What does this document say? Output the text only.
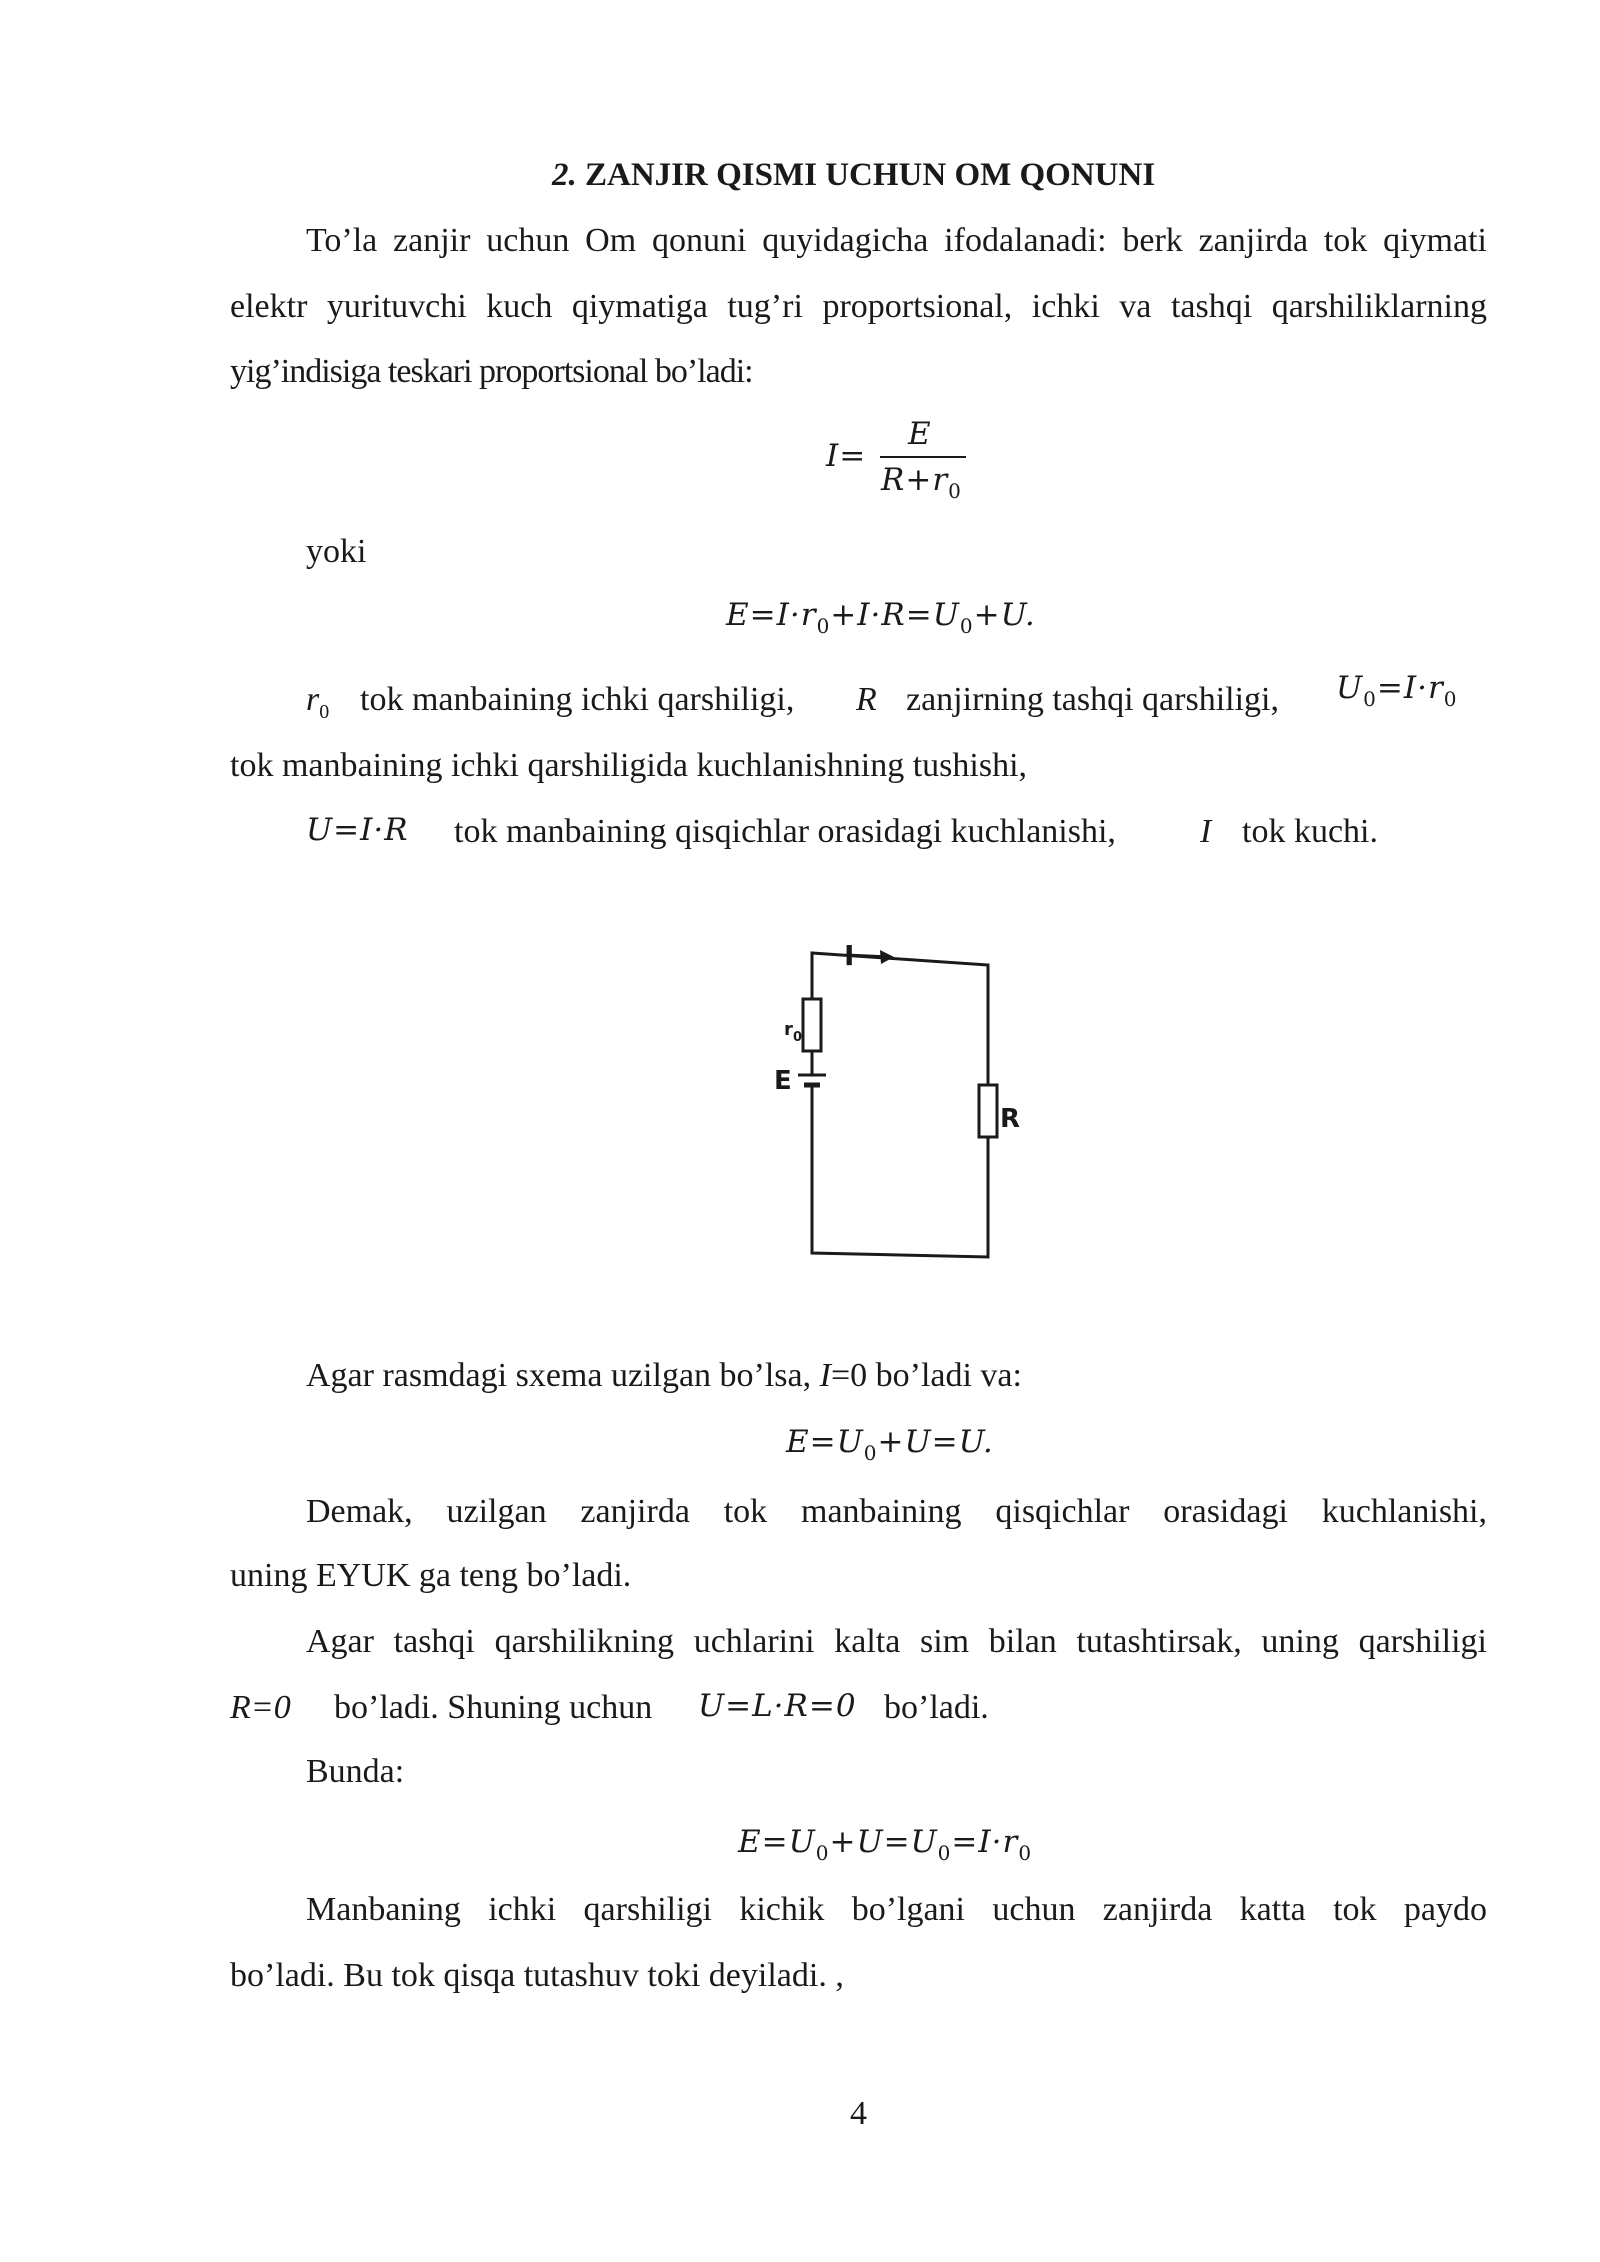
2. ZANJIR QISMI UCHUN OM QONUNI
To’la zanjir uchun Om qonuni quyidagicha ifodalanadi: berk zanjirda tok qiymati
elektr yurituvchi kuch qiymatiga tug’ri proportsional, ichki va tashqi qarshiliklarning
yig’indisiga teskari proportsional bo’ladi:
I=
E
$R+r_0$
yoki
$E=I\cdot r_0+I\cdot R=U_0+U$.
$r_0$ tok manbaining ichki qarshiligi, R zanjirning tashqi qarshiligi, $U_0=I\cdot r_0$
tok manbaining ichki qarshiligida kuchlanishning tushishi,
U=I·R tok manbaining qisqichlar orasidagi kuchlanishi, I tok kuchi.
I
r 0
E
R
Agar rasmdagi sxema uzilgan bo’lsa, I=0 bo’ladi va:
$E=U_0+U=U$.
Demak, uzilgan zanjirda tok manbaining qisqichlar orasidagi kuchlanishi,
uning EYUK ga teng bo’ladi.
Agar tashqi qarshilikning uchlarini kalta sim bilan tutashtirsak, uning qarshiligi
R=0 bo’ladi. Shuning uchun U=L·R=0 bo’ladi.
Bunda:
$E=U_0+U=U_0=I\cdot r_0$
Manbaning ichki qarshiligi kichik bo’lgani uchun zanjirda katta tok paydo
bo’ladi. Bu tok qisqa tutashuv toki deyiladi. ,
4
